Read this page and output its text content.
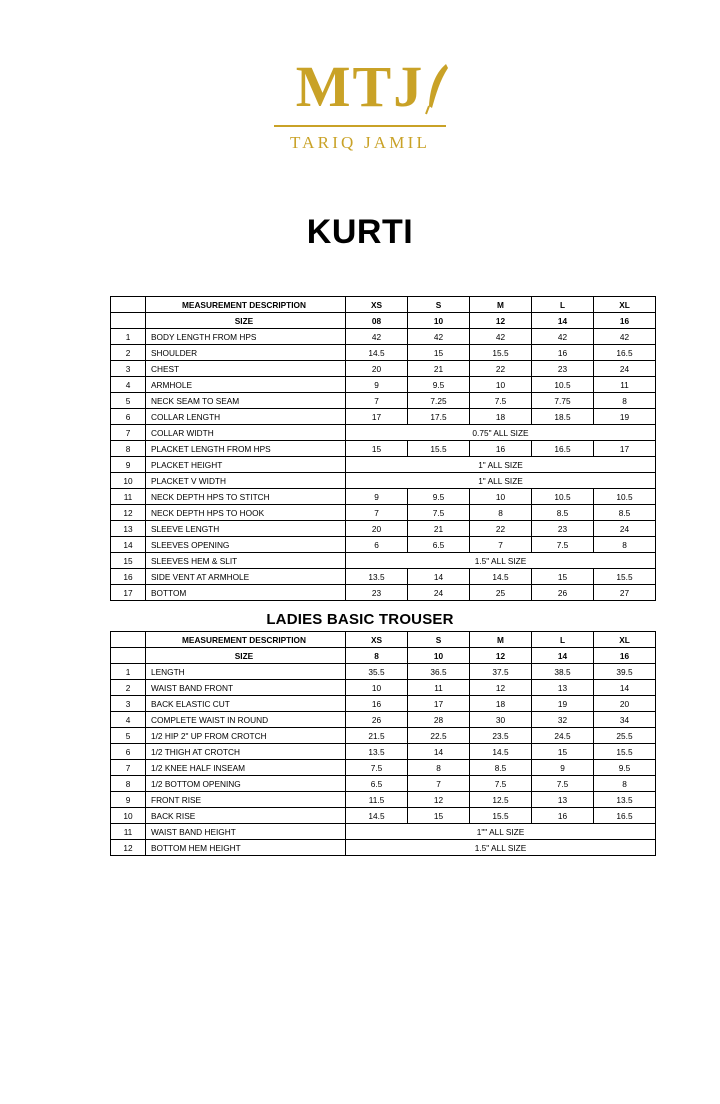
MTJ
TARIQ JAMIL
KURTI
	MEASUREMENT DESCRIPTION	XS	S	M	L	XL
	SIZE	08	10	12	14	16
1	BODY LENGTH FROM HPS	42	42	42	42	42
2	SHOULDER	14.5	15	15.5	16	16.5
3	CHEST	20	21	22	23	24
4	ARMHOLE	9	9.5	10	10.5	11
5	NECK SEAM TO SEAM	7	7.25	7.5	7.75	8
6	COLLAR LENGTH	17	17.5	18	18.5	19
7	COLLAR WIDTH	0.75" ALL SIZE				
8	PLACKET LENGTH FROM HPS	15	15.5	16	16.5	17
9	PLACKET HEIGHT	1" ALL SIZE				
10	PLACKET V WIDTH	1" ALL SIZE				
11	NECK DEPTH HPS TO STITCH	9	9.5	10	10.5	10.5
12	NECK DEPTH HPS TO HOOK	7	7.5	8	8.5	8.5
13	SLEEVE LENGTH	20	21	22	23	24
14	SLEEVES OPENING	6	6.5	7	7.5	8
15	SLEEVES HEM & SLIT	1.5" ALL SIZE				
16	SIDE VENT AT ARMHOLE	13.5	14	14.5	15	15.5
17	BOTTOM	23	24	25	26	27
LADIES BASIC TROUSER
	MEASUREMENT DESCRIPTION	XS	S	M	L	XL
	SIZE	8	10	12	14	16
1	LENGTH	35.5	36.5	37.5	38.5	39.5
2	WAIST BAND FRONT	10	11	12	13	14
3	BACK ELASTIC CUT	16	17	18	19	20
4	COMPLETE WAIST IN ROUND	26	28	30	32	34
5	1/2 HIP 2" UP FROM CROTCH	21.5	22.5	23.5	24.5	25.5
6	1/2 THIGH AT CROTCH	13.5	14	14.5	15	15.5
7	1/2 KNEE HALF INSEAM	7.5	8	8.5	9	9.5
8	1/2 BOTTOM OPENING	6.5	7	7.5	7.5	8
9	FRONT RISE	11.5	12	12.5	13	13.5
10	BACK RISE	14.5	15	15.5	16	16.5
11	WAIST BAND HEIGHT	1"" ALL SIZE				
12	BOTTOM HEM HEIGHT	1.5" ALL SIZE				
